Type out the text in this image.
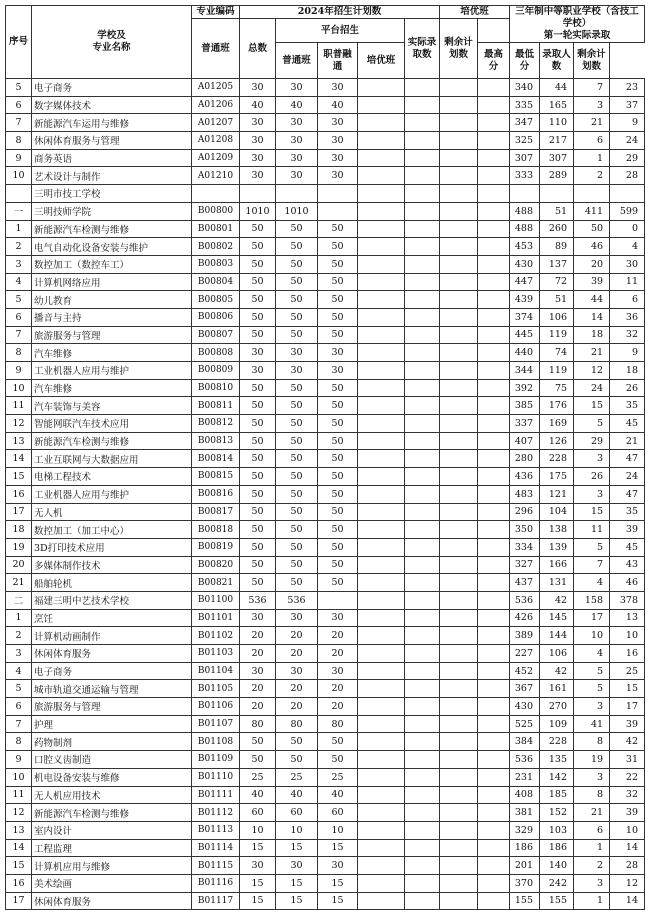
序号	学校及
专业名称	专业编码	2024年招生计划数					培优班		三年制中等职业学校（含技工学校）
第一轮实际录取			
		普通班	总数	平台招生			实际录取数	剩余计划数					
				普通班	职普融通	培优班			最高分	最低分	录取人数	剩余计划数	
5	电子商务	A01205	30	30	30					340	44	7	23
6	数字媒体技术	A01206	40	40	40					335	165	3	37
7	新能源汽车运用与维修	A01207	30	30	30					347	110	21	9
8	休闲体育服务与管理	A01208	30	30	30					325	217	6	24
9	商务英语	A01209	30	30	30					307	307	1	29
10	艺术设计与制作	A01210	30	30	30					333	289	2	28
	三明市技工学校												
一	三明技师学院	B00800	1010	1010						488	51	411	599
1	新能源汽车检测与维修	B00801	50	50	50					488	260	50	0
2	电气自动化设备安装与维护	B00802	50	50	50					453	89	46	4
3	数控加工（数控车工）	B00803	50	50	50					430	137	20	30
4	计算机网络应用	B00804	50	50	50					447	72	39	11
5	幼儿教育	B00805	50	50	50					439	51	44	6
6	播音与主持	B00806	50	50	50					374	106	14	36
7	旅游服务与管理	B00807	50	50	50					445	119	18	32
8	汽车维修	B00808	30	30	30					440	74	21	9
9	工业机器人应用与维护	B00809	30	30	30					344	119	12	18
10	汽车维修	B00810	50	50	50					392	75	24	26
11	汽车装饰与美容	B00811	50	50	50					385	176	15	35
12	智能网联汽车技术应用	B00812	50	50	50					337	169	5	45
13	新能源汽车检测与维修	B00813	50	50	50					407	126	29	21
14	工业互联网与大数据应用	B00814	50	50	50					280	228	3	47
15	电梯工程技术	B00815	50	50	50					436	175	26	24
16	工业机器人应用与维护	B00816	50	50	50					483	121	3	47
17	无人机	B00817	50	50	50					296	104	15	35
18	数控加工（加工中心）	B00818	50	50	50					350	138	11	39
19	3D打印技术应用	B00819	50	50	50					334	139	5	45
20	多媒体制作技术	B00820	50	50	50					327	166	7	43
21	船舶轮机	B00821	50	50	50					437	131	4	46
二	福建三明中艺技术学校	B01100	536	536						536	42	158	378
1	烹饪	B01101	30	30	30					426	145	17	13
2	计算机动画制作	B01102	20	20	20					389	144	10	10
3	休闲体育服务	B01103	20	20	20					227	106	4	16
4	电子商务	B01104	30	30	30					452	42	5	25
5	城市轨道交通运输与管理	B01105	20	20	20					367	161	5	15
6	旅游服务与管理	B01106	20	20	20					430	270	3	17
7	护理	B01107	80	80	80					525	109	41	39
8	药物制剂	B01108	50	50	50					384	228	8	42
9	口腔义齿制造	B01109	50	50	50					536	135	19	31
10	机电设备安装与维修	B01110	25	25	25					231	142	3	22
11	无人机应用技术	B01111	40	40	40					408	185	8	32
12	新能源汽车检测与维修	B01112	60	60	60					381	152	21	39
13	室内设计	B01113	10	10	10					329	103	6	10
14	工程监理	B01114	15	15	15					186	186	1	14
15	计算机应用与维修	B01115	30	30	30					201	140	2	28
16	美术绘画	B01116	15	15	15					370	242	3	12
17	休闲体育服务	B01117	15	15	15					155	155	1	14
